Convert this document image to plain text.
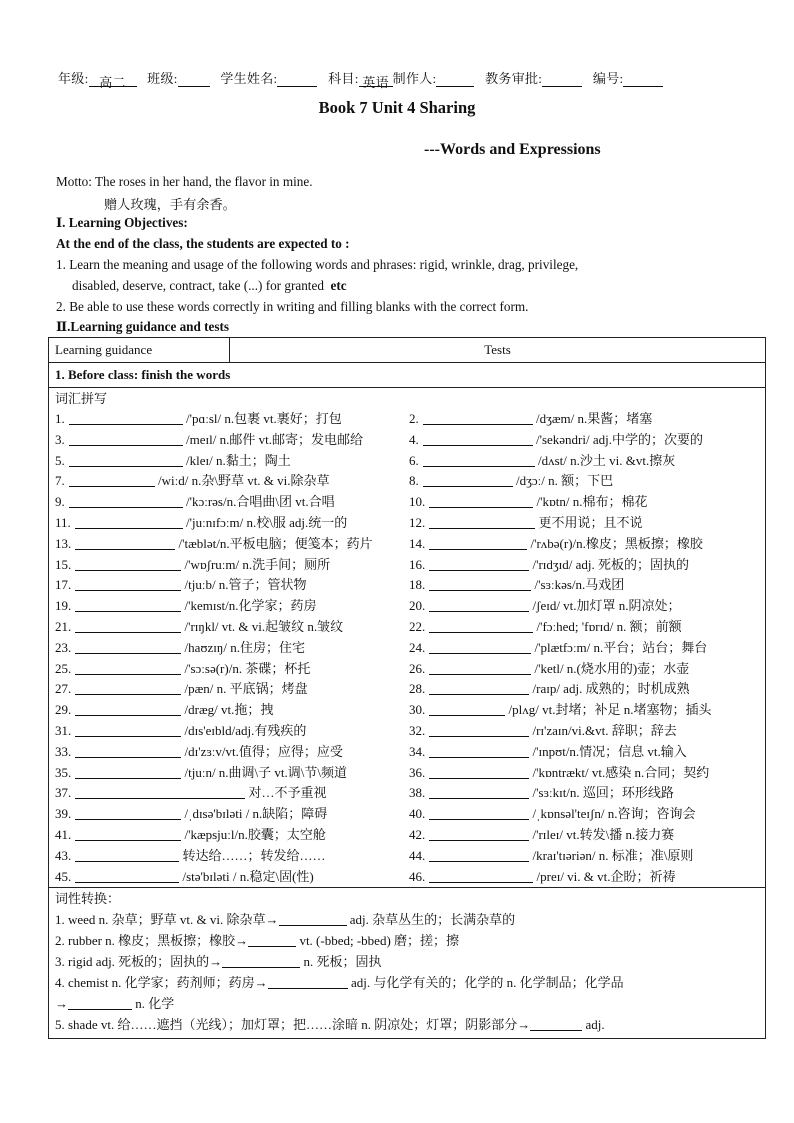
年级: 高二 班级:	学生姓名:	科目: 英语 制作人:	教务审批:	编号:
Book 7 Unit 4 Sharing
---Words and Expressions
Motto: The roses in her hand, the flavor in mine.
赠人玫瑰，手有余香。
Ⅰ. Learning Objectives:
At the end of the class, the students are expected to :
1. Learn the meaning and usage of the following words and phrases: rigid, wrinkle, drag, privilege,
disabled, deserve, contract, take (...) for granted etc
2. Be able to use these words correctly in writing and filling blanks with the correct form.
Ⅱ.Learning guidance and tests
Learning guidance	Tests
1. Before class: finish the words

词汇拼写
1.	/'pɑːsl/ n.包裹 vt.裹好；打包	2.	/dʒæm/ n.果酱；堵塞
3.	/meɪl/ n.邮件 vt.邮寄；发电邮给	4.	/'sekəndri/ adj.中学的；次要的
5.	/kleɪ/ n.黏土；陶土	6.	/dʌst/ n.沙土 vi. &vt.擦灰
7.	/wiːd/ n.杂\野草 vt. & vi.除杂草	8.	/dʒɔː/ n. 额；下巴
9.	/'kɔːrəs/n.合唱曲\团 vt.合唱	10.	/'kɒtn/ n.棉布；棉花
11.	/'juːnɪfɔːm/ n.校\服 adj.统一的	12.	更不用说；且不说
13.	/'tæblət/n.平板电脑；便笺本；药片	14.	/'rʌbə(r)/n.橡皮；黑板擦；橡胶
15.	/'wɒʃruːm/ n.洗手间；厕所	16.	/'rɪdʒɪd/ adj. 死板的；固执的
17.	/tjuːb/ n.管子；管状物	18.	/'sɜːkəs/n.马戏团
19.	/'kemɪst/n.化学家；药房	20.	/ʃeɪd/ vt.加灯罩 n.阴凉处；
21.	/'rɪŋkl/ vt. & vi.起皱纹 n.皱纹	22.	/'fɔːhed; 'fɒrɪd/ n. 额；前额
23.	/haʊzɪŋ/ n.住房；住宅	24.	/'plætfɔːm/ n.平台；站台；舞台
25.	/'sɔːsə(r)/n. 茶碟；杯托	26.	/'ketl/ n.(烧水用的)壶；水壶
27.	/pæn/ n. 平底锅；烤盘	28.	/raɪp/ adj. 成熟的；时机成熟
29.	/dræg/ vt.拖；拽	30.	/plʌg/ vt.封堵；补足 n.堵塞物；插头
31.	/dɪs'eɪbld/adj.有残疾的	32.	/rɪ'zaɪn/vi.&vt. 辞职；辞去
33.	/dɪ'zɜːv/vt.值得；应得；应受	34.	/'ɪnpʊt/n.情况；信息 vt.输入
35.	/tjuːn/ n.曲调\子 vt.调\节\频道	36.	/'kɒntrækt/ vt.感染 n.合同；契约
37.	对…不予重视	38.	/'sɜːkɪt/n. 巡回；环形线路
39.	/ˌdɪsə'bɪləti / n.缺陷；障碍	40.	/ˌkɒnsəl'teɪʃn/ n.咨询；咨询会
41.	/'kæpsjuːl/n.胶囊；太空舱	42.	/'rɪleɪ/ vt.转发\播 n.接力赛
43.	转达给……；转发给……	44.	/kraɪ'tɪəriən/ n. 标准；准\原则
45.	/stə'bɪləti / n.稳定\固(性)	46.	/preɪ/ vi. & vt.企盼；祈祷

词性转换：
1. weed n. 杂草；野草 vt. & vi. 除杂草→	adj. 杂草丛生的；长满杂草的
2. rubber n. 橡皮；黑板擦；橡胶→	vt. (-bbed; -bbed) 磨；搓；擦
3. rigid adj. 死板的；固执的→	n. 死板；固执
4. chemist n. 化学家；药剂师；药房→	adj. 与化学有关的；化学的 n. 化学制品；化学品
→	n. 化学
5. shade vt. 给……遮挡（光线）；加灯罩；把……涂暗 n. 阴凉处；灯罩；阴影部分→	adj.
